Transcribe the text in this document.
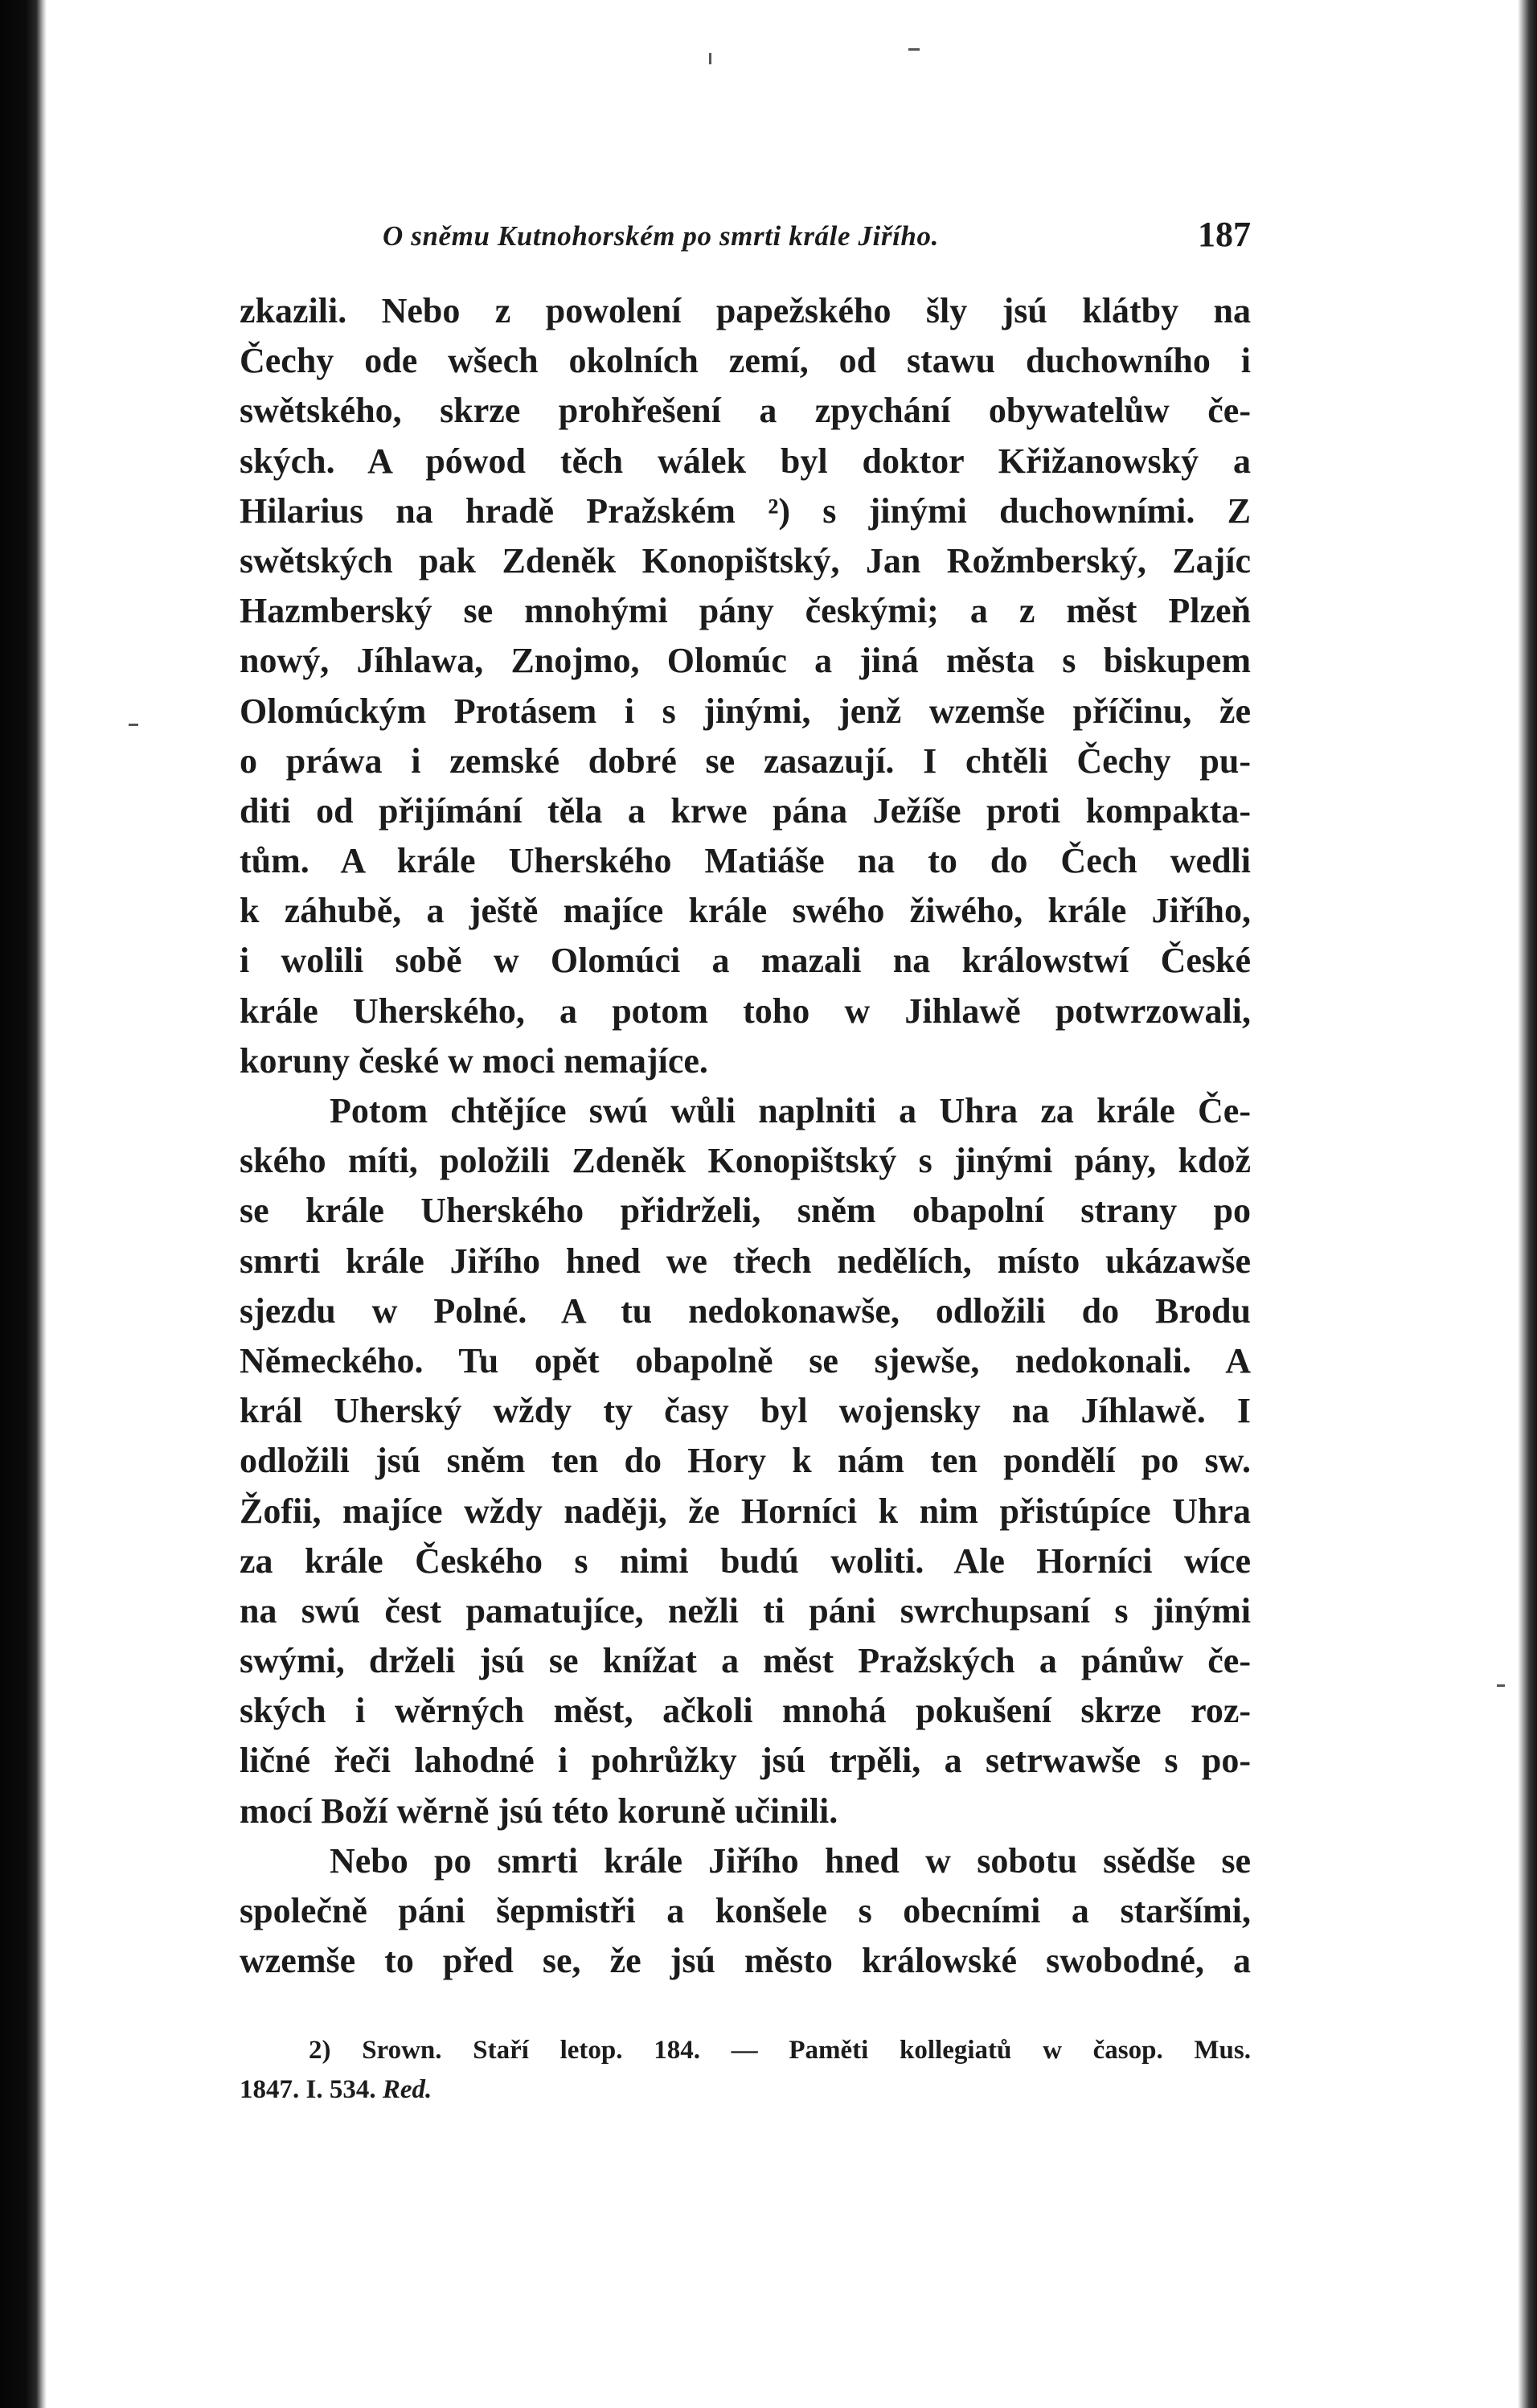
O sněmu Kutnohorském po smrti krále Jiřího.	187
zkazili. Nebo z powolení papežského šly jsú klátby na
Čechy ode wšech okolních zemí, od stawu duchowního i
swětského, skrze prohřešení a zpychání obywatelůw če-
ských. A pówod těch wálek byl doktor Křižanowský a
Hilarius na hradě Pražském ²) s jinými duchowními. Z
swětských pak Zdeněk Konopištský, Jan Rožmberský, Zajíc
Hazmberský se mnohými pány českými; a z měst Plzeň
nowý, Jíhlawa, Znojmo, Olomúc a jiná města s biskupem
Olomúckým Protásem i s jinými, jenž wzemše příčinu, že
o práwa i zemské dobré se zasazují. I chtěli Čechy pu-
diti od přijímání těla a krwe pána Ježíše proti kompakta-
tům. A krále Uherského Matiáše na to do Čech wedli
k záhubě, a ještě majíce krále swého žiwého, krále Jiřího,
i wolili sobě w Olomúci a mazali na králowstwí České
krále Uherského, a potom toho w Jihlawě potwrzowali,
koruny české w moci nemajíce.
Potom chtějíce swú wůli naplniti a Uhra za krále Če-
ského míti, položili Zdeněk Konopištský s jinými pány, kdož
se krále Uherského přidrželi, sněm obapolní strany po
smrti krále Jiřího hned we třech nedělích, místo ukázawše
sjezdu w Polné. A tu nedokonawše, odložili do Brodu
Německého. Tu opět obapolně se sjewše, nedokonali. A
král Uherský wždy ty časy byl wojensky na Jíhlawě. I
odložili jsú sněm ten do Hory k nám ten pondělí po sw.
Žofii, majíce wždy naději, že Horníci k nim přistúpíce Uhra
za krále Českého s nimi budú woliti. Ale Horníci wíce
na swú čest pamatujíce, nežli ti páni swrchupsaní s jinými
swými, drželi jsú se knížat a měst Pražských a pánůw če-
ských i wěrných měst, ačkoli mnohá pokušení skrze roz-
ličné řeči lahodné i pohrůžky jsú trpěli, a setrwawše s po-
mocí Boží wěrně jsú této koruně učinili.
Nebo po smrti krále Jiřího hned w sobotu ssědše se
společně páni šepmistři a konšele s obecními a staršími,
wzemše to před se, že jsú město králowské swobodné, a
2) Srown. Staří letop. 184. — Paměti kollegiatů w časop. Mus.
1847. I. 534. Red.
